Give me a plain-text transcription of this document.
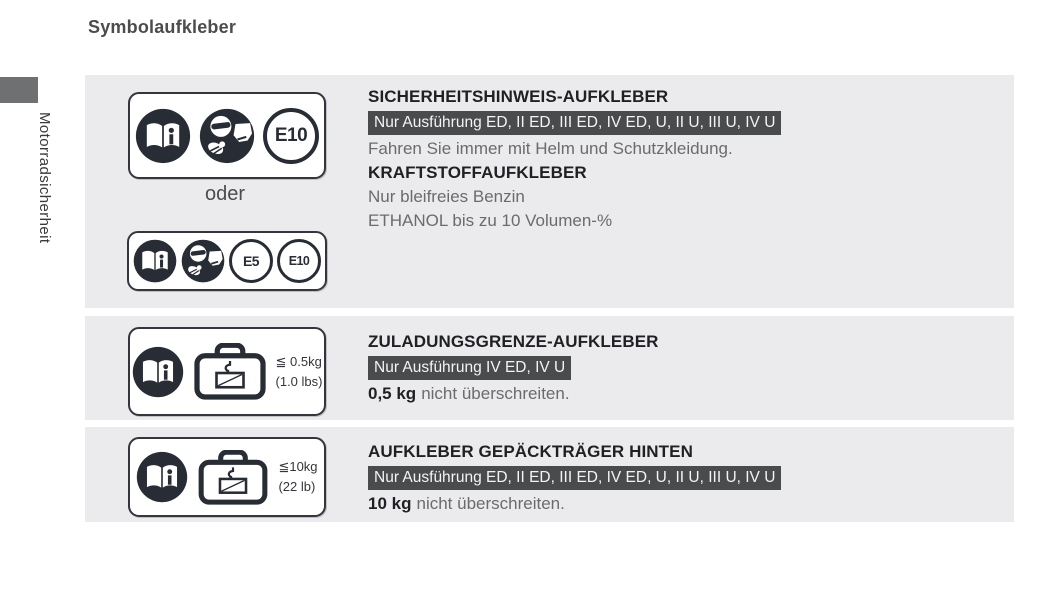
Symbolaufkleber
Motorradsicherheit	E10
oder
E5	E10
SICHERHEITSHINWEIS-AUFKLEBER
Nur Ausführung ED, II ED, III ED, IV ED, U, II U, III U, IV U
Fahren Sie immer mit Helm und Schutzkleidung.
KRAFTSTOFFAUFKLEBER
Nur bleifreies Benzin
ETHANOL bis zu 10 Volumen-%
≦ 0.5kg
(1.0 lbs)
ZULADUNGSGRENZE-AUFKLEBER
Nur Ausführung IV ED, IV U
0,5 kg nicht überschreiten.
≦10kg
(22 lb)
AUFKLEBER GEPÄCKTRÄGER HINTEN
Nur Ausführung ED, II ED, III ED, IV ED, U, II U, III U, IV U
10 kg nicht überschreiten.
